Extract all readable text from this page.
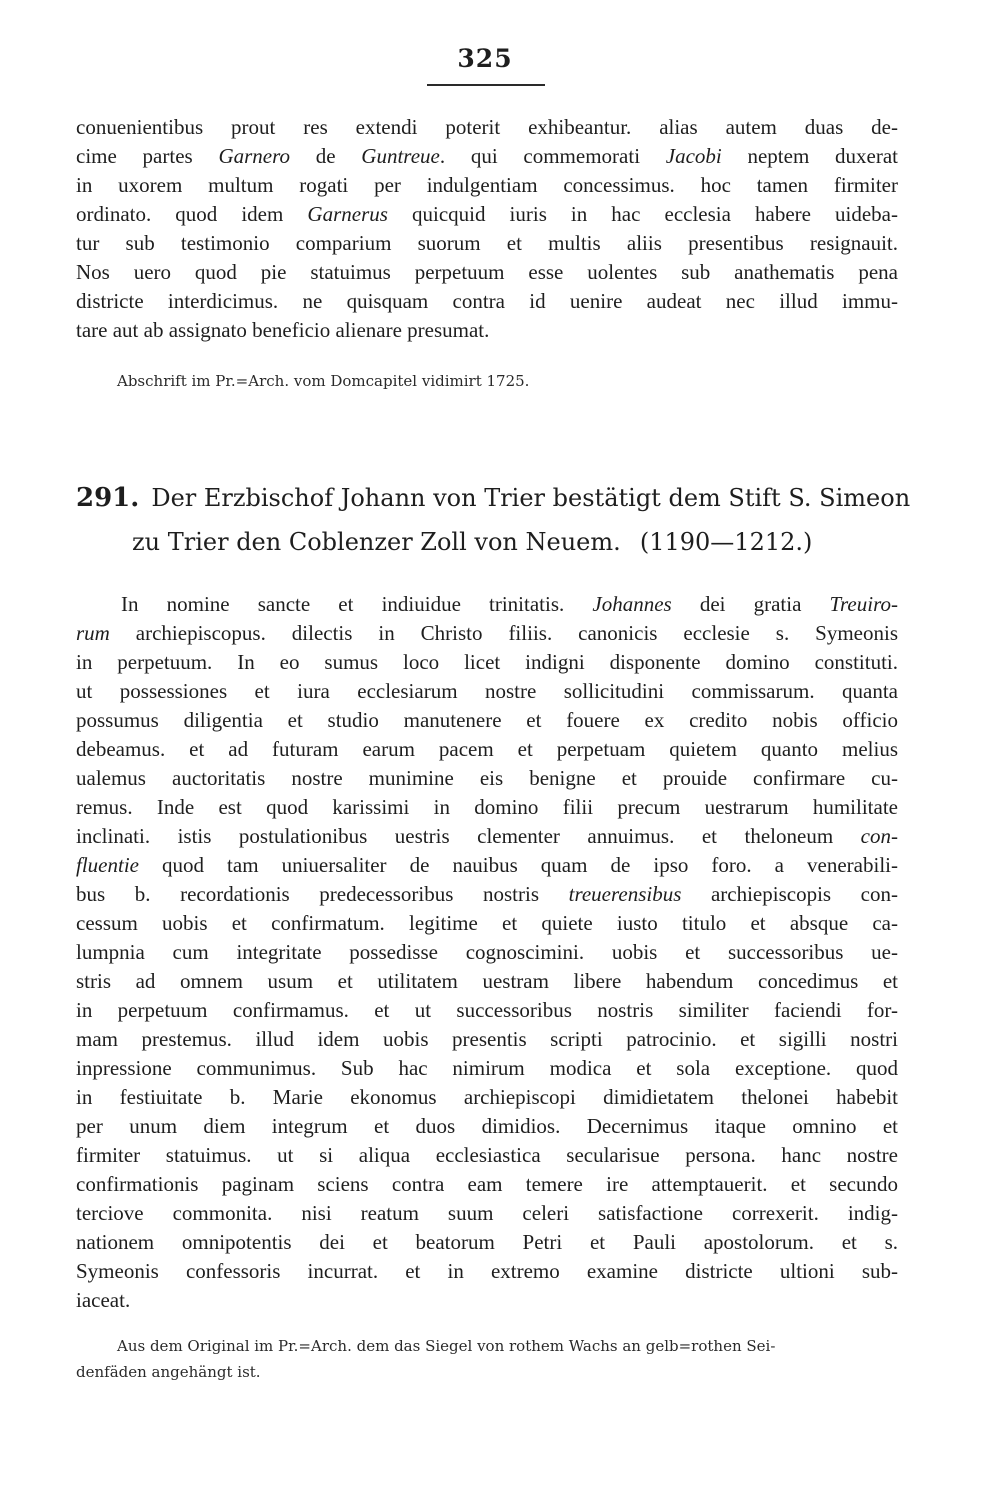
325
conuenientibus prout res extendi poterit exhibeantur. alias autem duas de-
cime partes Garnero de Guntreue. qui commemorati Jacobi neptem duxerat
in uxorem multum rogati per indulgentiam concessimus. hoc tamen firmiter
ordinato. quod idem Garnerus quicquid iuris in hac ecclesia habere uideba-
tur sub testimonio comparium suorum et multis aliis presentibus resignauit.
Nos uero quod pie statuimus perpetuum esse uolentes sub anathematis pena
districte interdicimus. ne quisquam contra id uenire audeat nec illud immu-
tare aut ab assignato beneficio alienare presumat.
Abschrift im Pr.=Arch. vom Domcapitel vidimirt 1725.
291. Der Erzbischof Johann von Trier bestätigt dem Stift S. Simeon
zu Trier den Coblenzer Zoll von Neuem. (1190—1212.)
In nomine sancte et indiuidue trinitatis. Johannes dei gratia Treuiro-
rum archiepiscopus. dilectis in Christo filiis. canonicis ecclesie s. Symeonis
in perpetuum. In eo sumus loco licet indigni disponente domino constituti.
ut possessiones et iura ecclesiarum nostre sollicitudini commissarum. quanta
possumus diligentia et studio manutenere et fouere ex credito nobis officio
debeamus. et ad futuram earum pacem et perpetuam quietem quanto melius
ualemus auctoritatis nostre munimine eis benigne et prouide confirmare cu-
remus. Inde est quod karissimi in domino filii precum uestrarum humilitate
inclinati. istis postulationibus uestris clementer annuimus. et theloneum con-
fluentie quod tam uniuersaliter de nauibus quam de ipso foro. a venerabili-
bus b. recordationis predecessoribus nostris treuerensibus archiepiscopis con-
cessum uobis et confirmatum. legitime et quiete iusto titulo et absque ca-
lumpnia cum integritate possedisse cognoscimini. uobis et successoribus ue-
stris ad omnem usum et utilitatem uestram libere habendum concedimus et
in perpetuum confirmamus. et ut successoribus nostris similiter faciendi for-
mam prestemus. illud idem uobis presentis scripti patrocinio. et sigilli nostri
inpressione communimus. Sub hac nimirum modica et sola exceptione. quod
in festiuitate b. Marie ekonomus archiepiscopi dimidietatem thelonei habebit
per unum diem integrum et duos dimidios. Decernimus itaque omnino et
firmiter statuimus. ut si aliqua ecclesiastica secularisue persona. hanc nostre
confirmationis paginam sciens contra eam temere ire attemptauerit. et secundo
terciove commonita. nisi reatum suum celeri satisfactione correxerit. indig-
nationem omnipotentis dei et beatorum Petri et Pauli apostolorum. et s.
Symeonis confessoris incurrat. et in extremo examine districte ultioni sub-
iaceat.
Aus dem Original im Pr.=Arch. dem das Siegel von rothem Wachs an gelb=rothen Sei-
denfäden angehängt ist.
